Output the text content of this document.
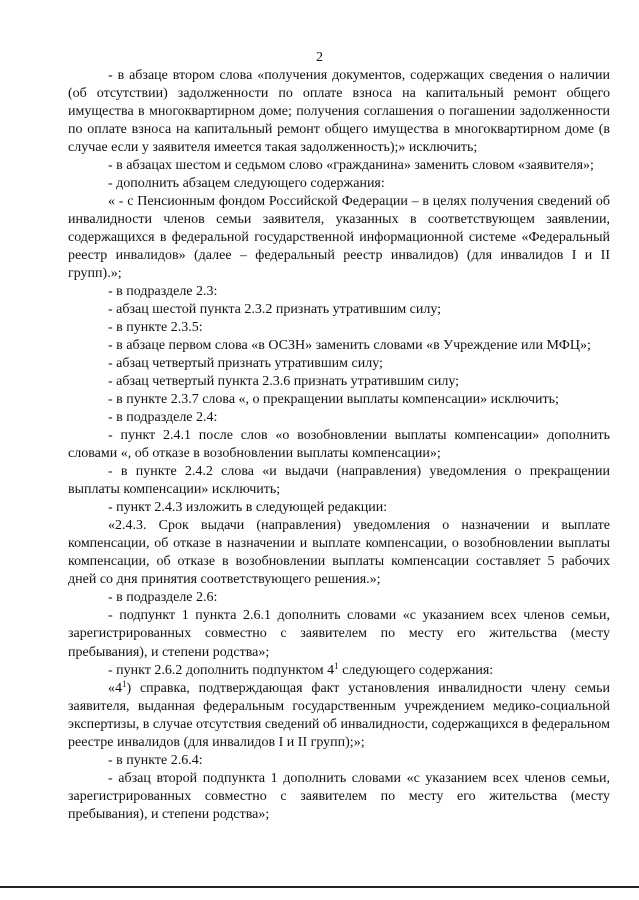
2

- в абзаце втором слова «получения документов, содержащих сведения о наличии (об отсутствии) задолженности по оплате взноса на капитальный ремонт общего имущества в многоквартирном доме; получения соглашения о погашении задолженности по оплате взноса на капитальный ремонт общего имущества в многоквартирном доме (в случае если у заявителя имеется такая задолженность);» исключить;

- в абзацах шестом и седьмом слово «гражданина» заменить словом «заявителя»;

- дополнить абзацем следующего содержания:

« - с Пенсионным фондом Российской Федерации – в целях получения сведений об инвалидности членов семьи заявителя, указанных в соответствующем заявлении, содержащихся в федеральной государственной информационной системе «Федеральный реестр инвалидов» (далее – федеральный реестр инвалидов) (для инвалидов I и II групп).»;

- в подразделе 2.3:

- абзац шестой пункта 2.3.2 признать утратившим силу;

- в пункте 2.3.5:

- в абзаце первом слова «в ОСЗН» заменить словами «в Учреждение или МФЦ»;

- абзац четвертый признать утратившим силу;

- абзац четвертый пункта 2.3.6 признать утратившим силу;

- в пункте 2.3.7 слова «, о прекращении выплаты компенсации» исключить;

- в подразделе 2.4:

- пункт 2.4.1 после слов «о возобновлении выплаты компенсации» дополнить словами «, об отказе в возобновлении выплаты компенсации»;

- в пункте 2.4.2 слова «и выдачи (направления) уведомления о прекращении выплаты компенсации» исключить;

- пункт 2.4.3 изложить в следующей редакции:

«2.4.3. Срок выдачи (направления) уведомления о назначении и выплате компенсации, об отказе в назначении и выплате компенсации, о возобновлении выплаты компенсации, об отказе в возобновлении выплаты компенсации составляет 5 рабочих дней со дня принятия соответствующего решения.»;

- в подразделе 2.6:

- подпункт 1 пункта 2.6.1 дополнить словами «с указанием всех членов семьи, зарегистрированных совместно с заявителем по месту его жительства (месту пребывания), и степени родства»;

- пункт 2.6.2 дополнить подпунктом $4^1$ следующего содержания:

«$4^1$) справка, подтверждающая факт установления инвалидности члену семьи заявителя, выданная федеральным государственным учреждением медико-социальной экспертизы, в случае отсутствия сведений об инвалидности, содержащихся в федеральном реестре инвалидов (для инвалидов I и II групп);»;

- в пункте 2.6.4:

- абзац второй подпункта 1 дополнить словами «с указанием всех членов семьи, зарегистрированных совместно с заявителем по месту его жительства (месту пребывания), и степени родства»;
